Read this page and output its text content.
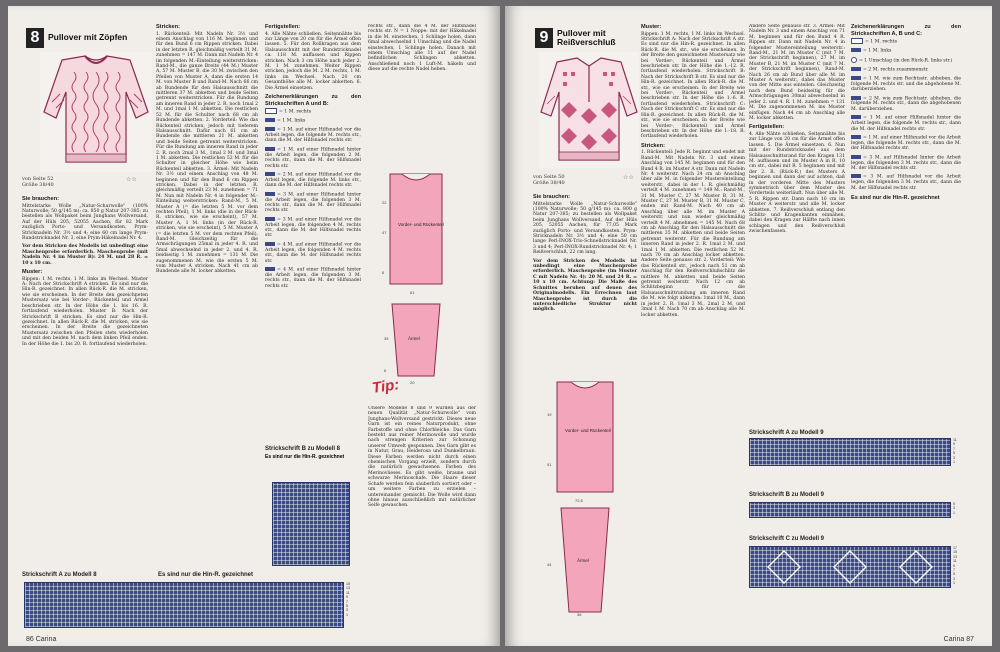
8	Pullover mit Zöpfen
von Seite 52
Größe 38/40
☆☆
Sie brauchen:

Mittelstarke Wolle „Natur-Schurwolle" (100% Naturwolle; 50 g/145 m): ca. 850 g Natur 207-385; zu bestellen als Wollpaket beim Junghans Wollversand, Auf der Hüls 205, 52055 Aachen, für 82 Mark zuzüglich Porto- und Versandkosten, Prym-Stricknadeln Nr. 3½ und 4; eine 60 cm lange Prym-Rundstricknadel Nr. 3, eine Prym-Häkelnadel Nr. 4.

Vor dem Stricken des Modells ist unbedingt eine Maschenprobe erforderlich. Maschenprobe (mit Nadeln Nr. 4 im Muster B): 24 M. und 28 R. = 10 x 10 cm.

Muster:

Rippen: 1 M. rechts, 1 M. links im Wechsel. Muster A: Nach der Strickschrift A stricken. Es sind nur die Hin-R. gezeichnet. In allen Rück-R. die M. stricken, wie sie erscheinen. In der Breite den gezeichneten Mustersatz wie bei Vorder-, Rückenteil und Ärmel beschrieben str. In der Höhe die 1. bis 16. R. fortlaufend wiederholen. Muster B: Nach der Strickschrift B stricken. Es sind nur die Hin-R. gezeichnet. In allen Rück-R. die M. stricken, wie sie erscheinen. In der Breite die gezeichneten Mustersatz zwischen den Pfeilen stets wiederholen und mit den beiden M. nach dem linken Pfeil enden. In der Höhe die 1. bis 20. R. fortlaufend wiederholen.

Stricken:

1. Rückenteil: Mit Nadeln Nr. 3½ und einem Anschlag von 116 M. beginnen und für den Bund 6 cm Rippen stricken. Dabei in der letzten R. gleichmäßig verteilt 31 M. zunehmen = 147 M. Dann mit Nadeln Nr. 4 im folgenden M.-Einteilung weiterstricken: Rand-M., die ganze Breite (44 M.) Muster A, 57 M. Muster B, die 30 M. zwischen den Pfeilen von Muster A, dann die ersten 14 M. von Muster B und Rand-M. Nach 66 cm ab Bundende für den Halsausschnitt die mittleren 37 M. abketten und beide Seiten getrennt weiterstricken. Für die Rundung am inneren Rand in jeder 2. R. noch 1mal 2 M. und 1mal 1 M. abketten. Die restlichen 52 M. für die Schulter nach 68 cm ab Bundende abketten. 2. Vorderteil: Wie das Rückenteil stricken, jedoch mit tieferem Halsausschnitt. Dafür nach 61 cm ab Bundende die mittleren 21 M. abketten und beide Seiten getrennt weiterstricken. Für die Rundung am inneren Rand in jeder 2. R. noch 2mal 3 M., 1mal 2 M. und 3mal 1 M. abketten. Die restlichen 52 M. für die Schulter in gleicher Höhe wie beim Rückenteil abketten. 3. Ärmel: Mit Nadeln Nr. 3½ und einem Anschlag von 48 M. beginnen und für den Bund 6 cm Rippen stricken. Dabei in der letzten R. gleichmäßig verteilt 23 M. zunehmen = 71 M. Nun mit Nadeln Nr. 4 in folgender M.-Einteilung weiterstricken: Rand-M., 5 M. Muster A (= die letzten 5 M. vor dem rechten Pfeil), 1 M. links (die in der Rück-R. stricken, wie sie erscheint), 57 M. Muster A, 1 M. links (in der Rück-R. stricken, wie sie erscheint), 5 M. Muster A (= die letzten 5 M. vor dem rechten Pfeil), Rand-M. Gleichzeitig für die Armschrägungen 25mal in jeder 4. R. und 5mal abwechselnd in jeder 2. und 4. R. beidseitig 1 M. zunehmen = 131 M. Die zugenommenen M. wie die ersten 5 M. vom Muster A stricken. Nach 41 cm ab Bundende alle M. locker abketten.

Fertigstellen:

4. Alle Nähte schließen, Seitennähte bis zur Länge von 20 cm für die Ärmel offen lassen. 5. Für den Rollkragen aus dem Halsausschnitt mit der Rundstricknadel ca. 118 M. auffassen und Rippen stricken. Nach 3 cm Höhe nach jeder 2. M. 1 M. zunehmen. Weiter Rippen stricken, jedoch die M. 2 M. rechts, 1 M. links im Wechsel. Nach 20 cm Gesamthöhe alle M. locker abketten. 6. Die Ärmel einsetzen.

Zeichenerklärungen zu den Strickschriften A und B:

= 1 M. rechts

= 1 M. links

= 1 M. auf einer Hilfsnadel vor die Arbeit legen, die folgende M. rechts str., dann die M. der Hilfsnadel rechts str.

= 1 M. auf einer Hilfsnadel hinter die Arbeit legen, die folgenden 2 M. rechts str., dann die M. der Hilfsnadel rechts str.

= 2 M. auf einer Hilfsnadel vor die Arbeit legen, die folgende M. links str., dann die M. der Hilfsnadel rechts str.

= 3 M. auf einer Hilfsnadel hinter die Arbeit legen, die folgenden 3 M. rechts str., dann die M. der Hilfsnadel rechts str.

= 3 M. auf einer Hilfsnadel vor die Arbeit legen, die folgenden 4 M. rechts str., dann die M. der Hilfsnadel rechts str.

= 4 M. auf einer Hilfsnadel vor die Arbeit legen, die folgenden 4 M. rechts str., dann die M. der Hilfsnadel rechts str.

= 4 M. auf einer Hilfsnadel hinter die Arbeit legen, die folgenden 3 M. rechts str., dann die M. der Hilfsnadel rechts str.

rechts str., dann die 4 M. der Hilfsnadel rechts str. N = 1 Noppe: mit der Häkelnadel in die M. einstechen, 1 Schlinge holen, dann 6mal abwechselnd 1 Umschlag und die Nadel einstechen, 1 Schlinge holen. Danach mit einem Umschlag alle 11 auf der Nadel befindlichen Schlingen abketten. Anschließend noch 1 Luft-M. häkeln und diese auf die rechte Nadel heben.

22
47
6
61
35
6
20
Vorder- und Rückenteil
Ärmel
Tip:
Unsere Modelle 8 und 9 wurden aus der neuen Qualität „Natur-Schurwolle" vom Junghans-Wollversand gestrickt: Dieses neue Garn ist ein reines Naturprodukt, ohne Farbstoffe und ohne Chlorbleiche. Das Garn besteht aus reiner Merinowolle und wurde nach strengen Kriterien zur Schonung unserer Umwelt gesponnen. Des Garn gibt es in Natur, Grau, Heiderosa und Dunkelbraun. Diese Farben werden nicht durch einen chemischen Vorgang erzielt, sondern durch die natürlich gewachsenen Farben des Merinovlieses. Es gibt weiße, braune und schwarze Merinoschafe. Die Haare dieser Schafe werden fein säuberlich sortiert oder – um weitere Farben zu erzielen – untereinander gemischt. Die Wolle wird dann ohne hinaus ausschließlich mit natürlicher Seife gewaschen.
Strickschrift B zu Modell 8
Es sind nur die Hin-R. gezeichnet
Strickschrift A zu Modell 8	Es sind nur die Hin-R. gezeichnet
15
13
11
9
7
5
3
1
86 Carina
9	Pullover mit Reißverschluß
von Seite 50
Größe 38/40
☆☆
Sie brauchen:

Mittelstarke Wolle „Natur-Schurwolle" (100% Naturwolle; 50 g/145 m): ca. 800 g Natur 207-385; zu bestellen als Wollpaket beim Junghans Wollversand, Auf der Hüls 205, 52055 Aachen, für 77,05 Mark zuzüglich Porto- und Versandkosten. Prym-Stricknadeln Nr. 3½ und 4; eine 50 cm lange Perl-INOX-Trio-Schnellstricknadel Nr. 3 und 4; Perl-INOX-Rundstricknadel Nr. 4; 1 Reißverschluß, 22 cm lang.

Vor dem Stricken des Modells ist unbedingt eine Maschenprobe erforderlich. Maschenprobe (im Muster C mit Nadeln Nr. 4): 20 M. und 24 R. = 10 x 10 cm. Achtung: Die Maße des Schnittes beruhen auf denen des Originalmodells. Ein Errechnen laut Maschenprobe ist durch die unterschiedliche Struktur nicht möglich.

19
51
72,5
44
36
Vorder- und Rückenteil
Ärmel
Muster:

Rippen: 1 M. rechts, 1 M. links im Wechsel. Strickschrift A: Nach der Strickschrift A str. Es sind nur die Hin-R. gezeichnet. In allen Rück-R. die M. str., wie sie erscheinen. In der Breite den gezeichneten Mustersatz wie bei Vorder-, Rückenteil und Ärmel beschrieben str. In der Höhe die 1.-12. R. fortlaufend wiederholen. Strickschrift B: Nach der Strickschrift B str. Es sind nur die Hin-R. gezeichnet. In allen Rück-R. die M. str., wie sie erscheinen. In der Breite wie bei Vorder-, Rückenteil und Ärmel beschrieben str. In der Höhe die 1.-6. R. fortlaufend wiederholen. Strickschrift C: Nach der Strickschrift C str. Es sind nur die Hin-R. gezeichnet. In allen Rück-R. die M. str., wie sie erscheinen. In der Breite wie bei Vorder-, Rückenteil und Ärmel beschrieben str. In der Höhe die 1.-18. R. fortlaufend wiederholen.

Stricken:

1. Rückenteil: Jede R. beginnt und endet mit Rand-M. Mit Nadeln Nr. 3 und einem Anschlag von 145 M. beginnen und für den Bund 4 R. im Muster A str. Dann mit Nadeln Nr. 4 weiterstr. Nach 24 cm ab Anschlag über alle M. in folgender Mustereinteilung weiterstr., dabei in der 1. R. gleichmäßig verteilt 4 M. zunehmen = 149 M.: Rand-M., 31 M. Muster C, 27 M. Muster B, 31 M. Muster C, 27 M. Muster B, 31 M. Muster C, enden mit Rand-M. Nach 40 cm ab Anschlag über alle M. im Muster A weiterstr. und nun wieder gleichmäßig verteilt 4 M. abnehmen = 145 M. Nach 68 cm ab Anschlag für den Halsausschnitt die mittleren 35 M. abketten und beide Seiten getrennt weiterstr. Für die Rundung am inneren Rand in jeder 2. R. 1mal 2 M. und 1mal 1 M. abketten. Die restlichen 52 M. nach 70 cm ab Anschlag locker abketten. Andere Seite genauso str. 2. Vorderteil: Wie das Rückenteil str., jedoch nach 51 cm ab Anschlag für den Reißverschlußschlitz die mittlere M. abketten und beide Seiten getrennt weiterstr. Nach 12 cm ab Schlitzbeginn für die Halsausschnittrundung am inneren Rand die M. wie folgt abketten: 1mal 10 M., dann in jeder 2. R. 1mal 3 M., 2mal 2 M. und 3mal 1 M. Nach 70 cm ab Anschlag alle M. locker abketten.

Andere Seite genauso str. 3. Ärmel: Mit Nadeln Nr. 3 und einem Anschlag von 71 M. beginnen und für den Bund 4 R. Rippen str. Dann mit Nadeln Nr. 4 in folgender Mustereinteilung weiterstr.: Rand-M., 21 M. im Muster C (mit 7 M. der Strickschrift beginnen), 27 M. im Muster B, 21 M. im Muster C (mit 7 M. der Strickschrift beginnen), Rand-M. Nach 26 cm ab Bund über alle M. im Muster A weiterstr., dabei das Muster von der Mitte aus einteilen. Gleichzeitig nach dem Bund beidseitig für die Armschrägungen 30mal abwechselnd in jeder 2. und 4. R. 1 M. zunehmen = 131 M. Die zugenommenen M. ins Muster einfügen. Nach 44 cm ab Anschlag alle M. locker abketten.

Fertigstellen:

4. Alle Nähte schließen, Seitennähte bis zur Länge von 20 cm für die Ärmel offen lassen. 5. Die Ärmel einsetzen. 6. Nun mit der Rundstricknadel aus dem Halsausschnittsrand für den Kragen 131 M. auffassen und im Muster A in R. 10 cm str., dabei mit R. 5 beginnen und mit der 2. R. (Rück-R.) des Musters A beginnen und dann der auf achten, daß in der vorderen Mitte des Musters symmetrisch über dem Muster des Vorderteils weiterläuft. Nun über alle M. 5 R. Rippen str. Dann nach 10 cm im Muster A weiterstr. und alle M. locker abketten. 7. Reißverschluß entlang den Schlitz- und Kragenkanten einnähen, dabei den Kragen zur Hälfte nach innen schlagen und den Reißverschluß zwischenfassen.

Zeichenerklärungen zu den Strickschriften A, B und C:

= 1 M. rechts

= 1 M. links

= 1 Umschlag (in den Rück-R. links str.)

= 2 M. rechts zusammenstr.

= 1 M. wie zum Rechtsstr. abheben, die folgende M. rechts str. und die abgehobene M. darüberziehen.

= 2 M. wie zum Rechtsstr. abheben, die folgende M. rechts str., dann die abgehobenen M. darüberziehen.

= 1 M. auf einer Hilfsnadel hinter die Arbeit legen, die folgende M. rechts str., dann die M. der Hilfsnadel rechts str.

= 1 M. auf einer Hilfsnadel vor die Arbeit legen, die folgende M. rechts str., dann die M. der Hilfsnadel rechts str.

= 3 M. auf Hilfsnadel hinter die Arbeit legen, die folgenden 3 M. rechts str., dann die M. der Hilfsnadel rechts str.

= 3 M. auf Hilfsnadel vor die Arbeit legen, die folgenden 3 M. rechts str., dann die M. der Hilfsnadel rechts str.

Es sind nur die Hin-R. gezeichnet
Strickschrift A zu Modell 9
11
9
7
5
3
1
Strickschrift B zu Modell 9
5
3
1
Strickschrift C zu Modell 9
17
15
13
11
9
7
5
3
1
Carina 87
